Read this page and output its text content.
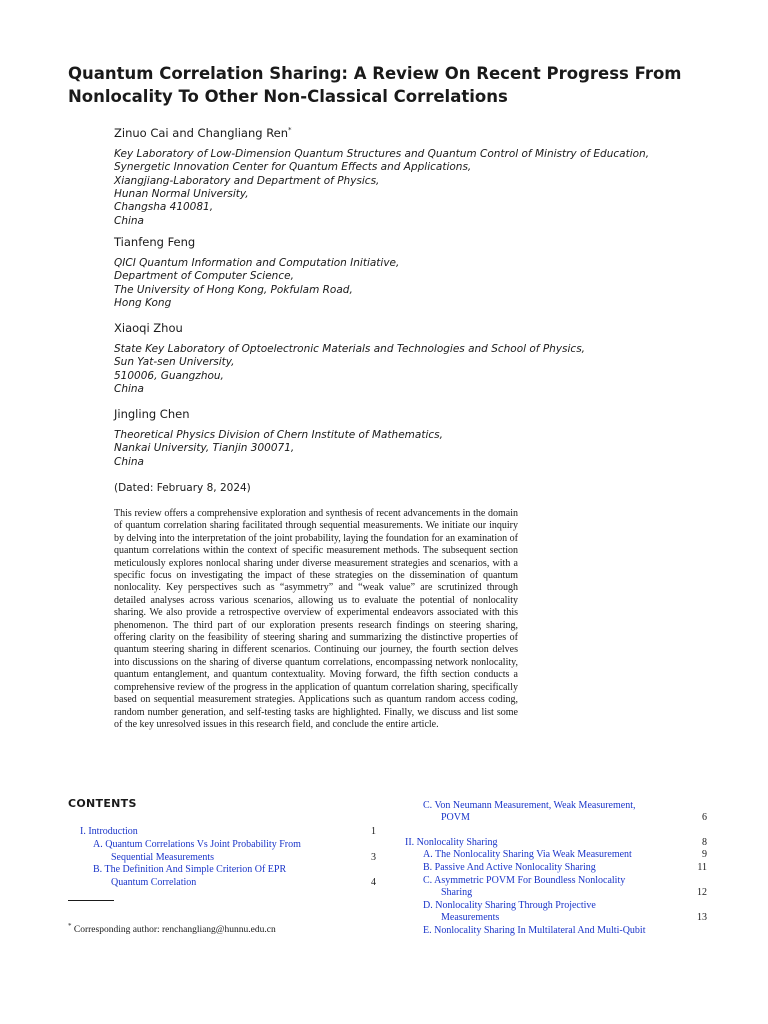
Quantum Correlation Sharing: A Review On Recent Progress From
Nonlocality To Other Non-Classical Correlations

Zinuo Cai and Changliang Ren*

Key Laboratory of Low-Dimension Quantum Structures and Quantum Control of Ministry of Education,
Synergetic Innovation Center for Quantum Effects and Applications,
Xiangjiang-Laboratory and Department of Physics,
Hunan Normal University,
Changsha 410081,
China

Tianfeng Feng

QICI Quantum Information and Computation Initiative,
Department of Computer Science,
The University of Hong Kong, Pokfulam Road,
Hong Kong

Xiaoqi Zhou

State Key Laboratory of Optoelectronic Materials and Technologies and School of Physics,
Sun Yat-sen University,
510006, Guangzhou,
China

Jingling Chen

Theoretical Physics Division of Chern Institute of Mathematics,
Nankai University, Tianjin 300071,
China
(Dated: February 8, 2024)

This review offers a comprehensive exploration and synthesis of recent advancements in the domain of quantum correlation sharing facilitated through sequential measurements. We initiate our inquiry by delving into the interpretation of the joint probability, laying the foundation for an examination of quantum correlations within the context of specific measurement methods. The subsequent section meticulously explores nonlocal sharing under diverse measurement strategies and scenarios, with a specific focus on investigating the impact of these strategies on the dissemination of quantum nonlocality. Key perspectives such as “asymmetry” and “weak value” are scrutinized through detailed analyses across various scenarios, allowing us to evaluate the potential of nonlocality sharing. We also provide a retrospective overview of experimental endeavors associated with this phenomenon. The third part of our exploration presents research findings on steering sharing, offering clarity on the feasibility of steering sharing and summarizing the distinctive properties of quantum steering sharing in different scenarios. Continuing our journey, the fourth section delves into discussions on the sharing of diverse quantum correlations, encompassing network nonlocality, quantum entanglement, and quantum contextuality. Moving forward, the fifth section conducts a comprehensive review of the progress in the application of quantum correlation sharing, specifically based on sequential measurement strategies. Applications such as quantum random access coding, random number generation, and self-testing tasks are highlighted. Finally, we discuss and list some of the key unresolved issues in this research field, and conclude the entire article.

CONTENTS
I. Introduction	1
A. Quantum Correlations Vs Joint Probability From
Sequential Measurements	3
B. The Definition And Simple Criterion Of EPR
Quantum Correlation	4
C. Von Neumann Measurement, Weak Measurement,
POVM	6
II. Nonlocality Sharing	8
A. The Nonlocality Sharing Via Weak Measurement	9
B. Passive And Active Nonlocality Sharing	11
C. Asymmetric POVM For Boundless Nonlocality
Sharing	12
D. Nonlocality Sharing Through Projective
Measurements	13
E. Nonlocality Sharing In Multilateral And Multi-Qubit
* Corresponding author: renchangliang@hunnu.edu.cn
